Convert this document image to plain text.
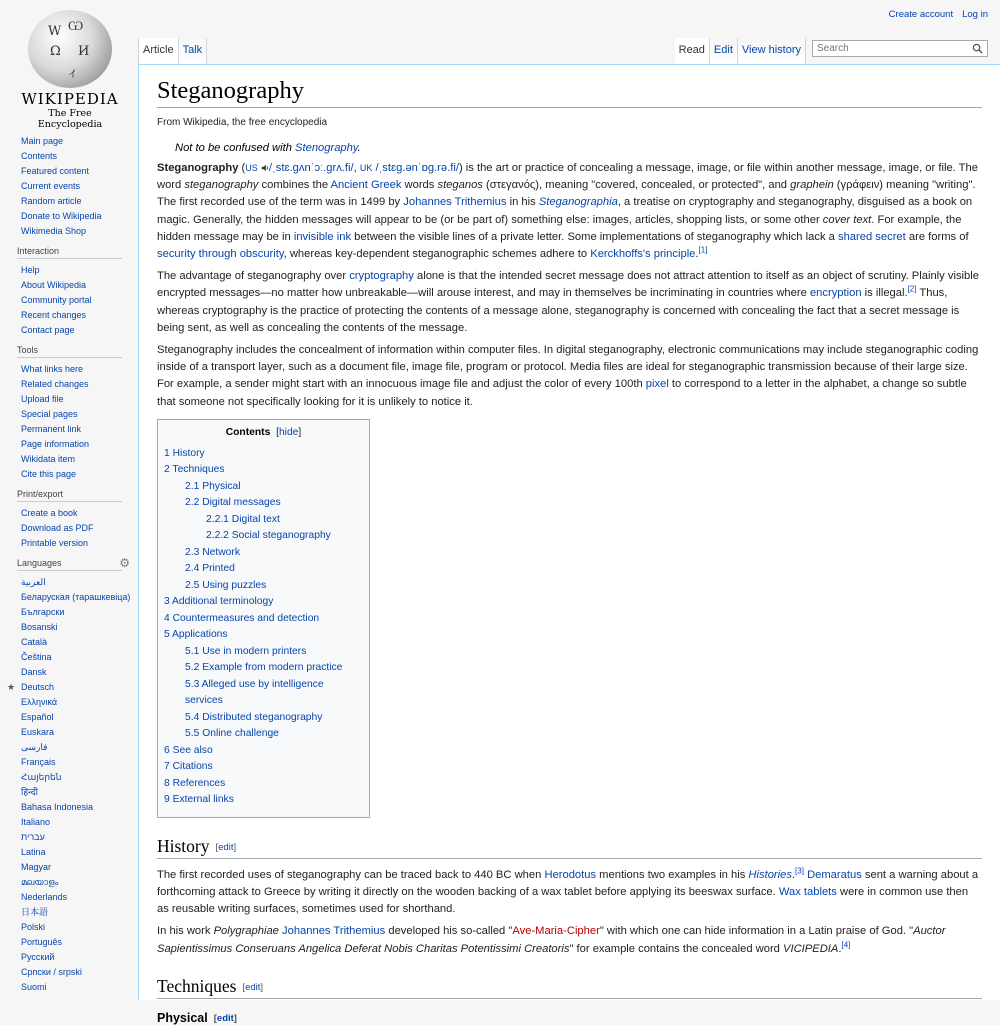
Create account Log in
Article Talk	Read Edit View history
Search
W Ѡ
Ω И
ィ
WIKIPEDIA
The Free Encyclopedia
Main page
Contents
Featured content
Current events
Random article
Donate to Wikipedia
Wikimedia Shop
Interaction
Help
About Wikipedia
Community portal
Recent changes
Contact page
Tools
What links here
Related changes
Upload file
Special pages
Permanent link
Page information
Wikidata item
Cite this page
Print/export
Create a book
Download as PDF
Printable version
Languages	⚙
العربية
Беларуская (тарашкевіца)
Български
Bosanski
Català
Čeština
Dansk
Deutsch
★
Ελληνικά
Español
Euskara
فارسی
Français
Հայերեն
हिन्दी
Bahasa Indonesia
Italiano
עברית
Latina
Magyar
മലയാളം
Nederlands
日本語
Polski
Português
Русский
Српски / srpski
Suomi
Steganography
From Wikipedia, the free encyclopedia
Not to be confused with Stenography.

Steganography (US /ˌstɛ.ɡʌnˈɔː.ɡrʌ.fi/, UK /ˌstɛɡ.ənˈɒɡ.rə.fi/) is the art or practice of concealing a message, image, or file within another message, image, or file. The word steganography combines the Ancient Greek words steganos (στεγανός), meaning "covered, concealed, or protected", and graphein (γράφειν) meaning "writing". The first recorded use of the term was in 1499 by Johannes Trithemius in his Steganographia, a treatise on cryptography and steganography, disguised as a book on magic. Generally, the hidden messages will appear to be (or be part of) something else: images, articles, shopping lists, or some other cover text. For example, the hidden message may be in invisible ink between the visible lines of a private letter. Some implementations of steganography which lack a shared secret are forms of security through obscurity, whereas key-dependent steganographic schemes adhere to Kerckhoffs's principle.[1]

The advantage of steganography over cryptography alone is that the intended secret message does not attract attention to itself as an object of scrutiny. Plainly visible encrypted messages—no matter how unbreakable—will arouse interest, and may in themselves be incriminating in countries where encryption is illegal.[2] Thus, whereas cryptography is the practice of protecting the contents of a message alone, steganography is concerned with concealing the fact that a secret message is being sent, as well as concealing the contents of the message.

Steganography includes the concealment of information within computer files. In digital steganography, electronic communications may include steganographic coding inside of a transport layer, such as a document file, image file, program or protocol. Media files are ideal for steganographic transmission because of their large size. For example, a sender might start with an innocuous image file and adjust the color of every 100th pixel to correspond to a letter in the alphabet, a change so subtle that someone not specifically looking for it is unlikely to notice it.

Contents [hide]
1 History
2 Techniques
2.1 Physical
2.2 Digital messages
2.2.1 Digital text
2.2.2 Social steganography
2.3 Network
2.4 Printed
2.5 Using puzzles
3 Additional terminology
4 Countermeasures and detection
5 Applications
5.1 Use in modern printers
5.2 Example from modern practice
5.3 Alleged use by intelligence services
5.4 Distributed steganography
5.5 Online challenge
6 See also
7 Citations
8 References
9 External links
History [edit]

The first recorded uses of steganography can be traced back to 440 BC when Herodotus mentions two examples in his Histories.[3] Demaratus sent a warning about a forthcoming attack to Greece by writing it directly on the wooden backing of a wax tablet before applying its beeswax surface. Wax tablets were in common use then as reusable writing surfaces, sometimes used for shorthand.

In his work Polygraphiae Johannes Trithemius developed his so-called "Ave-Maria-Cipher" with which one can hide information in a Latin praise of God. "Auctor Sapientissimus Conseruans Angelica Deferat Nobis Charitas Potentissimi Creatoris" for example contains the concealed word VICIPEDIA.[4]

Techniques [edit]
Physical [edit]
